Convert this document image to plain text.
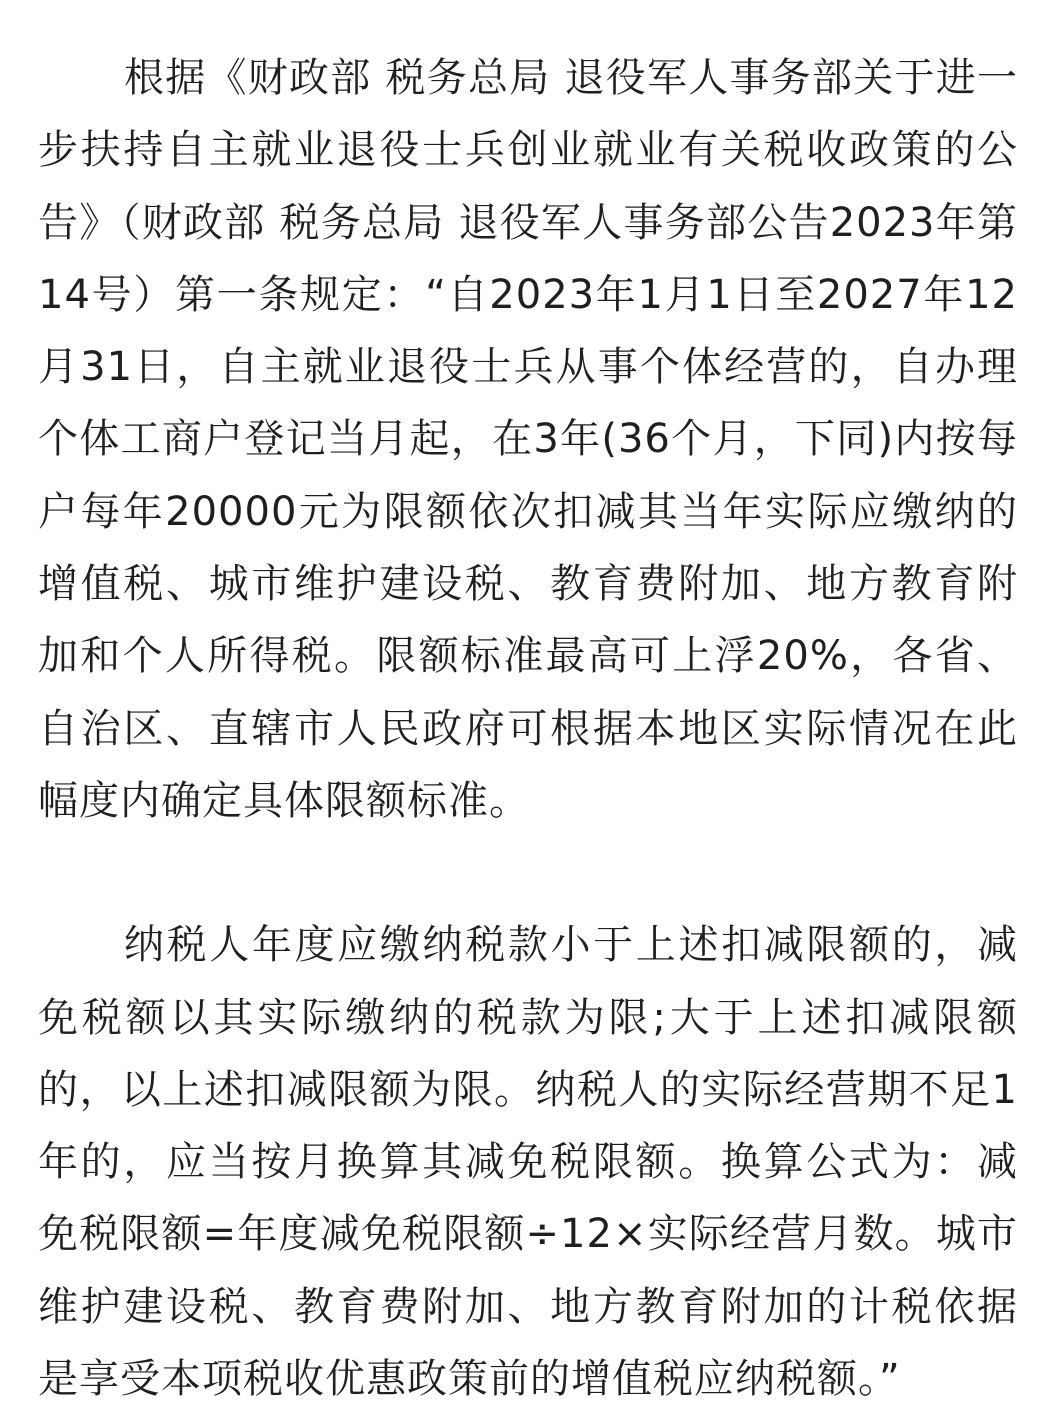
根据《财政部 税务总局 退役军人事务部关于进一步扶持自主就业退役士兵创业就业有关税收政策的公告》（财政部 税务总局 退役军人事务部公告2023年第14号）第一条规定：“自2023年1月1日至2027年12月31日，自主就业退役士兵从事个体经营的，自办理个体工商户登记当月起，在3年(36个月，下同)内按每户每年20000元为限额依次扣减其当年实际应缴纳的增值税、城市维护建设税、教育费附加、地方教育附加和个人所得税。限额标准最高可上浮20%，各省、自治区、直辖市人民政府可根据本地区实际情况在此幅度内确定具体限额标准。

纳税人年度应缴纳税款小于上述扣减限额的，减免税额以其实际缴纳的税款为限;大于上述扣减限额的，以上述扣减限额为限。纳税人的实际经营期不足1年的，应当按月换算其减免税限额。换算公式为：减免税限额=年度减免税限额÷12×实际经营月数。城市维护建设税、教育费附加、地方教育附加的计税依据是享受本项税收优惠政策前的增值税应纳税额。”
